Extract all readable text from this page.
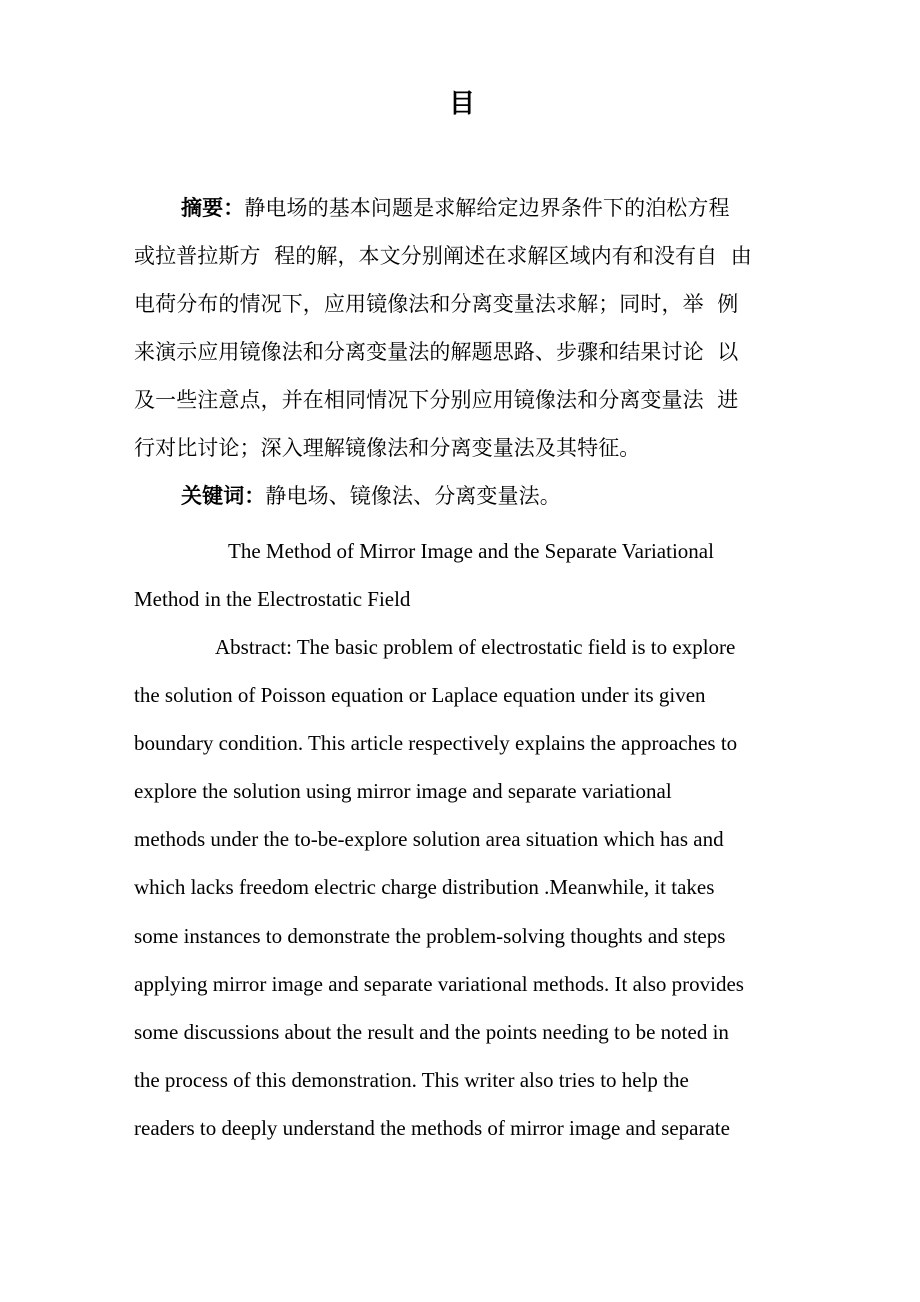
目
摘要：静电场的基本问题是求解给定边界条件下的泊松方程
或拉普拉斯方  程的解，本文分别阐述在求解区域内有和没有自  由
电荷分布的情况下，应用镜像法和分离变量法求解；同时，举  例
来演示应用镜像法和分离变量法的解题思路、步骤和结果讨论  以
及一些注意点，并在相同情况下分别应用镜像法和分离变量法  进
行对比讨论；深入理解镜像法和分离变量法及其特征。
关键词：静电场、镜像法、分离变量法。
The Method of Mirror Image and the Separate Variational
Method in the Electrostatic Field
Abstract: The basic problem of electrostatic field is to explore
the solution of Poisson equation or Laplace equation under its given
boundary condition. This article respectively explains the approaches to
explore the solution using mirror image and separate variational
methods under the to-be-explore solution area situation which has and
which lacks freedom electric charge distribution .Meanwhile, it takes
some instances to demonstrate the problem-solving thoughts and steps
applying mirror image and separate variational methods. It also provides
some discussions about the result and the points needing to be noted in
the process of this demonstration. This writer also tries to help the
readers to deeply understand the methods of mirror image and separate
